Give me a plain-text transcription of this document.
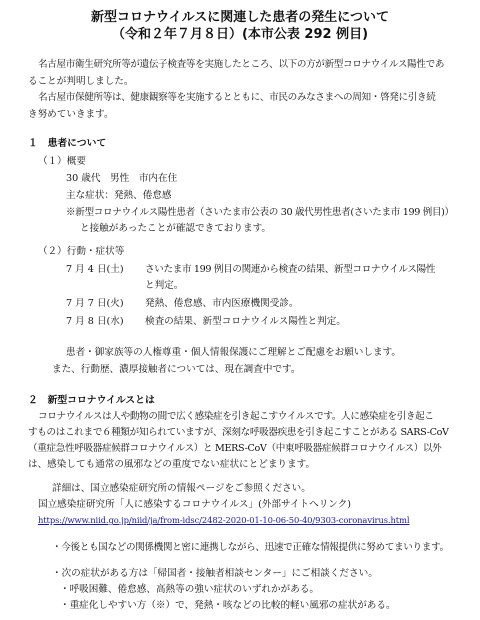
新型コロナウイルスに関連した患者の発生について
（令和２年７月８日）(本市公表 292 例目)
名古屋市衛生研究所等が遺伝子検査等を実施したところ、以下の方が新型コロナウイルス陽性であ
ることが判明しました。
名古屋市保健所等は、健康観察等を実施するとともに、市民のみなさまへの周知・啓発に引き続
き努めていきます。
１　患者について
（１）概要
30 歳代　男性　市内在住
主な症状：発熱、倦怠感
※新型コロナウイルス陽性患者（さいたま市公表の 30 歳代男性患者(さいたま市 199 例目)）
と接触があったことが確認できております。
（２）行動・症状等
7 月 4 日(土) さいたま市 199 例目の関連から検査の結果、新型コロナウイルス陽性
と判定。
7 月 7 日(火) 発熱、倦怠感、市内医療機関受診。
7 月 8 日(水) 検査の結果、新型コロナウイルス陽性と判定。
患者・御家族等の人権尊重・個人情報保護にご理解とご配慮をお願いします。
また、行動歴、濃厚接触者については、現在調査中です。
２　新型コロナウイルスとは
コロナウイルスは人や動物の間で広く感染症を引き起こすウイルスです。人に感染症を引き起こ
すものはこれまで６種類が知られていますが、深刻な呼吸器疾患を引き起こすことがある SARS-CoV
（重症急性呼吸器症候群コロナウイルス）と MERS-CoV（中東呼吸器症候群コロナウイルス）以外
は、感染しても通常の風邪などの重度でない症状にとどまります。
詳細は、国立感染症研究所の情報ページをご参照ください。
国立感染症研究所「人に感染するコロナウイルス」(外部サイトへリンク)
https://www.niid.go.jp/niid/ja/from-idsc/2482-2020-01-10-06-50-40/9303-coronavirus.html
・今後とも国などの関係機関と密に連携しながら、迅速で正確な情報提供に努めてまいります。
・次の症状がある方は「帰国者・接触者相談センター」にご相談ください。
・呼吸困難、倦怠感、高熱等の強い症状のいずれかがある。
・重症化しやすい方（※）で、発熱・咳などの比較的軽い風邪の症状がある。
